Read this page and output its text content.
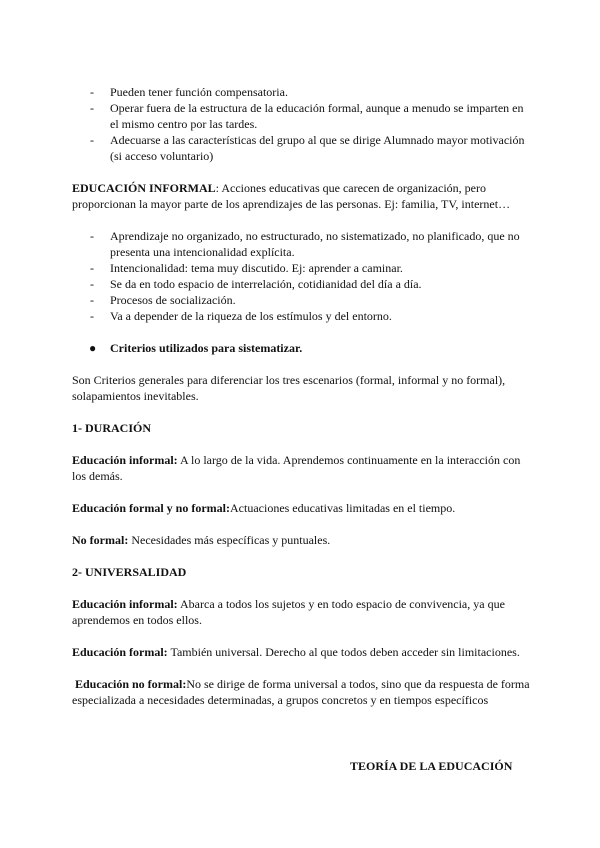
- Pueden tener función compensatoria.
- Operar fuera de la estructura de la educación formal, aunque a menudo se imparten en el mismo centro por las tardes.
- Adecuarse a las características del grupo al que se dirige Alumnado mayor motivación (si acceso voluntario)

EDUCACIÓN INFORMAL: Acciones educativas que carecen de organización, pero proporcionan la mayor parte de los aprendizajes de las personas. Ej: familia, TV, internet…

- Aprendizaje no organizado, no estructurado, no sistematizado, no planificado, que no presenta una intencionalidad explícita.
- Intencionalidad: tema muy discutido. Ej: aprender a caminar.
- Se da en todo espacio de interrelación, cotidianidad del día a día.
- Procesos de socialización.
- Va a depender de la riqueza de los estímulos y del entorno.
● Criterios utilizados para sistematizar.

Son Criterios generales para diferenciar los tres escenarios (formal, informal y no formal), solapamientos inevitables.

1- DURACIÓN

Educación informal: A lo largo de la vida. Aprendemos continuamente en la interacción con los demás.

Educación formal y no formal:Actuaciones educativas limitadas en el tiempo.

No formal: Necesidades más específicas y puntuales.

2- UNIVERSALIDAD

Educación informal: Abarca a todos los sujetos y en todo espacio de convivencia, ya que aprendemos en todos ellos.

Educación formal: También universal. Derecho al que todos deben acceder sin limitaciones.

Educación no formal:No se dirige de forma universal a todos, sino que da respuesta de forma especializada a necesidades determinadas, a grupos concretos y en tiempos específicos

TEORÍA DE LA EDUCACIÓN
